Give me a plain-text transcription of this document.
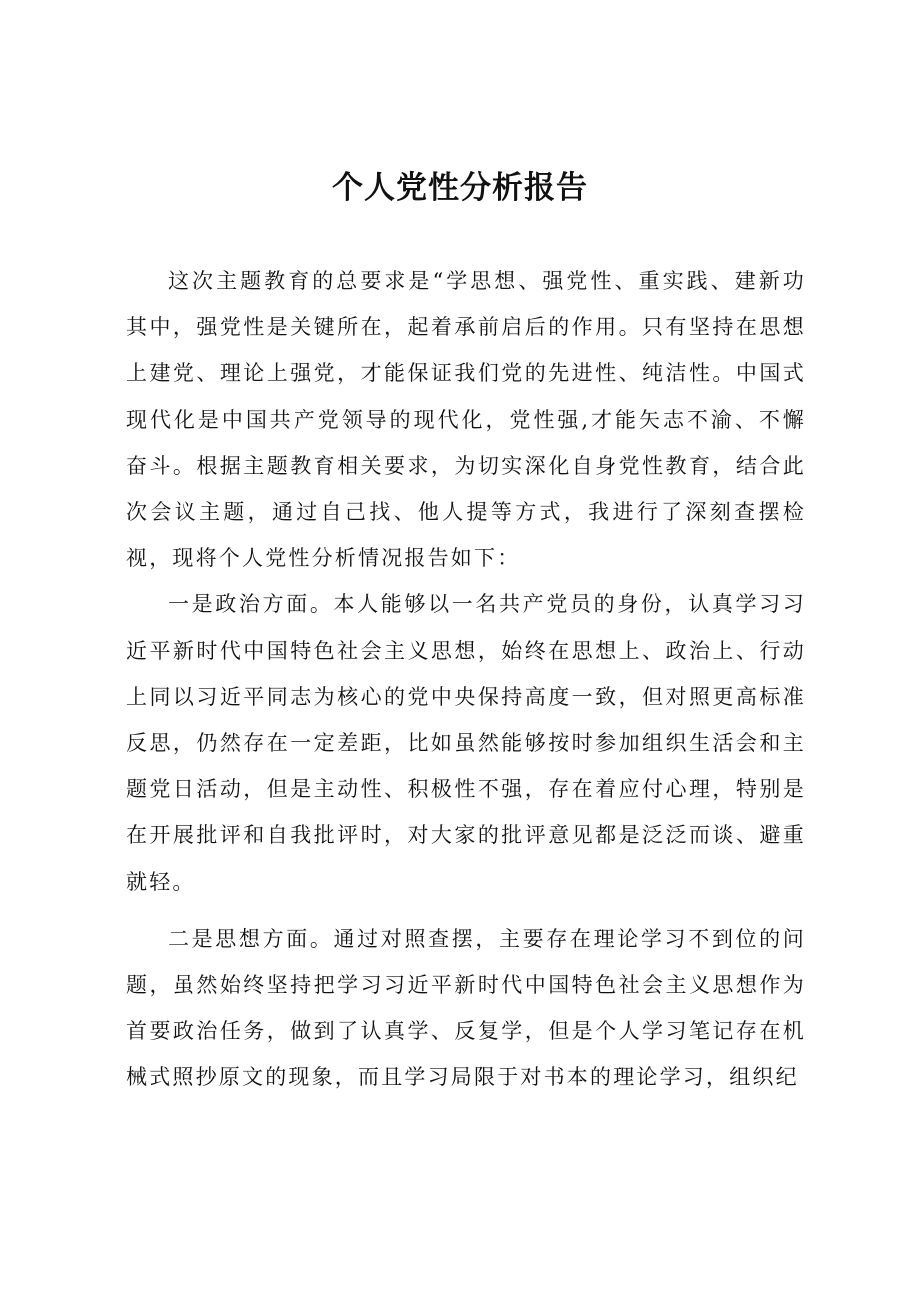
个人党性分析报告

这次主题教育的总要求是“学思想、强党性、重实践、建新功其中，强党性是关键所在，起着承前启后的作用。只有坚持在思想上建党、理论上强党，才能保证我们党的先进性、纯洁性。中国式现代化是中国共产党领导的现代化，党性强,才能矢志不渝、不懈奋斗。根据主题教育相关要求，为切实深化自身党性教育，结合此次会议主题，通过自己找、他人提等方式，我进行了深刻查摆检视，现将个人党性分析情况报告如下：

一是政治方面。本人能够以一名共产党员的身份，认真学习习近平新时代中国特色社会主义思想，始终在思想上、政治上、行动上同以习近平同志为核心的党中央保持高度一致，但对照更高标准反思，仍然存在一定差距，比如虽然能够按时参加组织生活会和主题党日活动，但是主动性、积极性不强，存在着应付心理，特别是在开展批评和自我批评时，对大家的批评意见都是泛泛而谈、避重就轻。

二是思想方面。通过对照查摆，主要存在理论学习不到位的问题，虽然始终坚持把学习习近平新时代中国特色社会主义思想作为首要政治任务，做到了认真学、反复学，但是个人学习笔记存在机械式照抄原文的现象，而且学习局限于对书本的理论学习，组织纪
